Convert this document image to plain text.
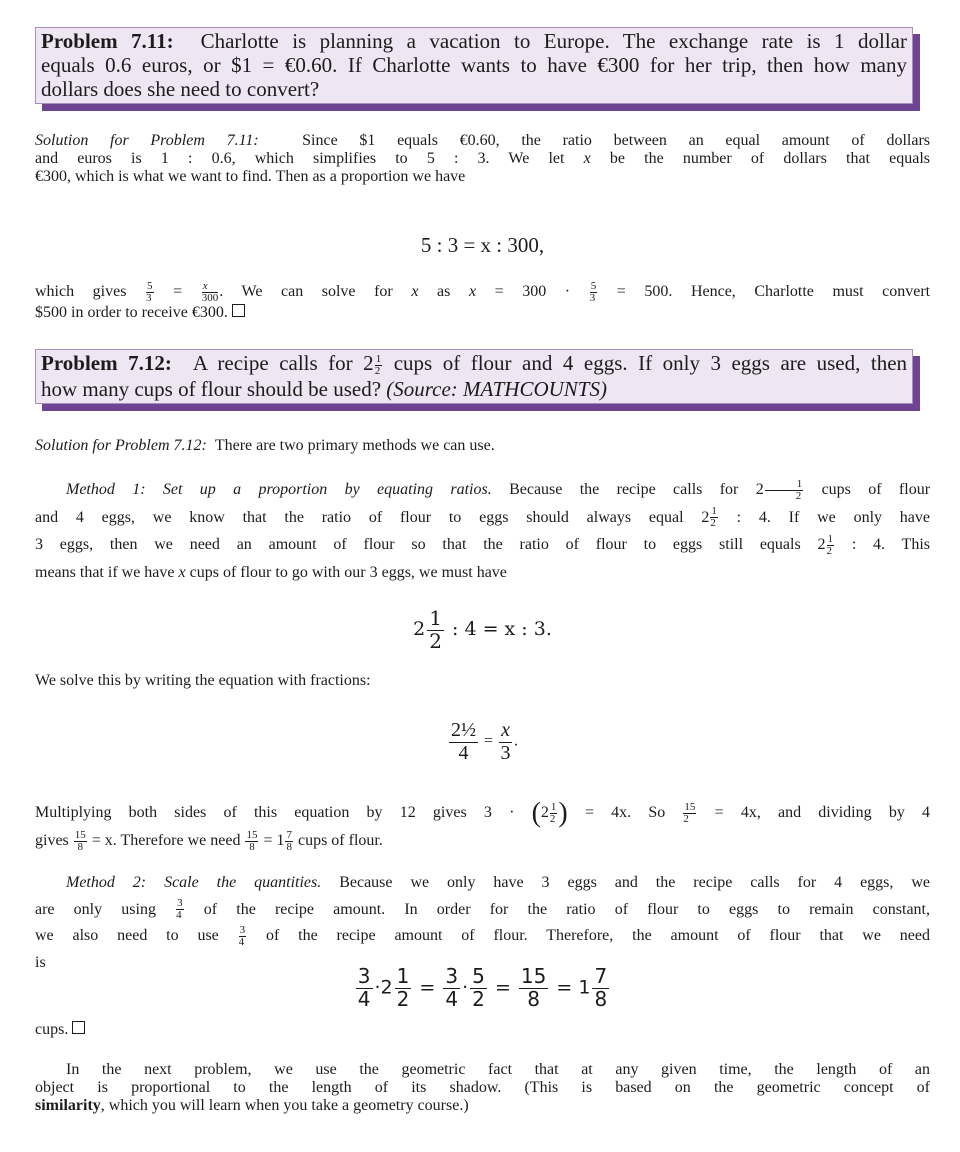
Problem 7.11: Charlotte is planning a vacation to Europe. The exchange rate is 1 dollar
equals 0.6 euros, or $1 = €0.60. If Charlotte wants to have €300 for her trip, then how many
dollars does she need to convert?
Solution for Problem 7.11:	Since $1 equals €0.60, the ratio between an equal amount of dollars
and euros is 1 : 0.6, which simplifies to 5 : 3. We let x be the number of dollars that equals
€300, which is what we want to find. Then as a proportion we have
5 : 3 = x : 300,
which gives $\frac{5}{3} = \frac{x}{300}$ . We can solve for x as $x = 300 \cdot \frac{5}{3} = 500$. Hence, Charlotte must convert
$500 in order to receive €300.
Problem 7.12: A recipe calls for $2 \frac{1}{2}$ cups of flour and 4 eggs. If only 3 eggs are used, then
how many cups of flour should be used? (Source: MATHCOUNTS)
Solution for Problem 7.12: There are two primary methods we can use.
Method 1: Set up a proportion by equating ratios. Because the recipe calls for $2 \frac{1}{2}$ cups of flour
and 4 eggs, we know that the ratio of flour to eggs should always equal $2 \frac{1}{2}$ : 4. If we only have
3 eggs, then we need an amount of flour so that the ratio of flour to eggs still equals $2 \frac{1}{2}$ : 4. This
means that if we have x cups of flour to go with our 3 eggs, we must have
$2 \frac{1}{2}$ : 4 = x : 3.
We solve this by writing the equation with fractions:
$\frac{\text{2½}}{4} = \frac{x}{3}$ .
Multiplying both sides of this equation by 12 gives $3 \cdot (2 \frac{1}{2}$ ) = 4x. So $\frac{15}{2} = 4x$, and dividing by 4
gives $\frac{15}{8} = x$. Therefore we need $\frac{15}{8} = 1 \frac{7}{8}$ cups of flour.
Method 2: Scale the quantities. Because we only have 3 eggs and the recipe calls for 4 eggs, we
are only using $\frac{3}{4}$ of the recipe amount. In order for the ratio of flour to eggs to remain constant,
we also need to use $\frac{3}{4}$ of the recipe amount of flour. Therefore, the amount of flour that we need
is
$\frac{3}{4} \cdot 2 \frac{1}{2} = \frac{3}{4} \cdot \frac{5}{2} = \frac{15}{8} = 1 \frac{7}{8}$
cups.
In the next problem, we use the geometric fact that at any given time, the length of an
object is proportional to the length of its shadow. (This is based on the geometric concept of
similarity, which you will learn when you take a geometry course.)
